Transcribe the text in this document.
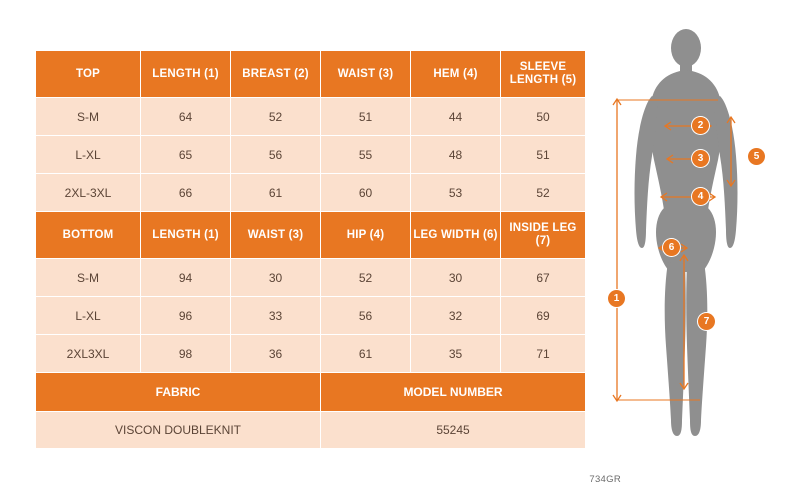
TOP	LENGTH (1)	BREAST (2)	WAIST (3)	HEM (4)	SLEEVE LENGTH (5)
S-M	64	52	51	44	50
L-XL	65	56	55	48	51
2XL-3XL	66	61	60	53	52
BOTTOM	LENGTH (1)	WAIST (3)	HIP (4)	LEG WIDTH (6)	INSIDE LEG (7)
S-M	94	30	52	30	67
L-XL	96	33	56	32	69
2XL3XL	98	36	61	35	71
FABRIC			MODEL NUMBER		
VISCON DOUBLEKNIT			55245		
734GR
1
2
3
4
5
6
7
